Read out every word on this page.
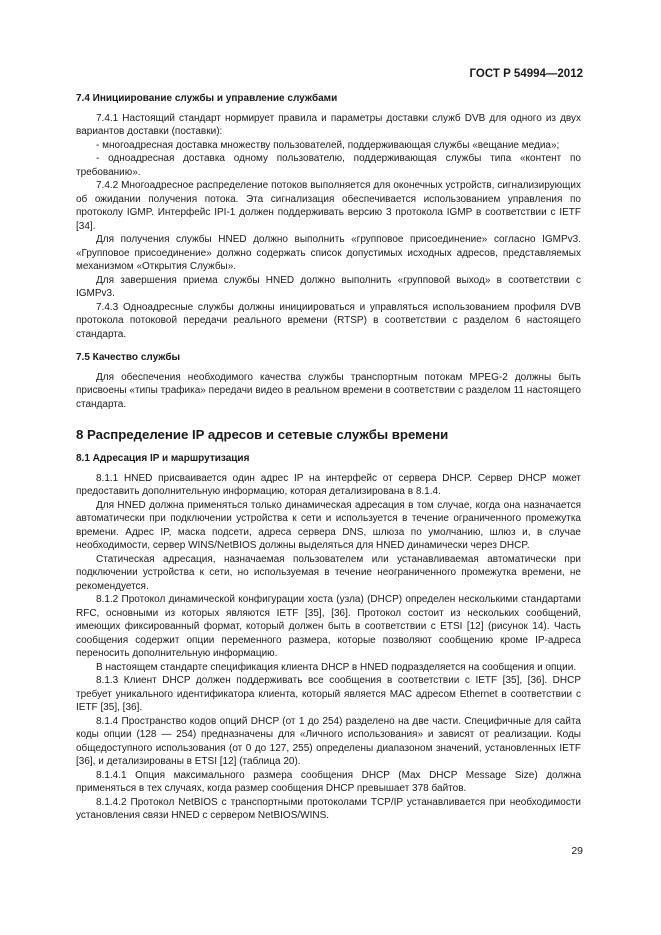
ГОСТ Р 54994—2012
7.4 Инициирование службы и управление службами

7.4.1 Настоящий стандарт нормирует правила и параметры доставки служб DVB для одного из двух вариантов доставки (поставки):

- многоадресная доставка множеству пользователей, поддерживающая службы «вещание медиа»;

- одноадресная доставка одному пользователю, поддерживающая службы типа «контент по требованию».

7.4.2 Многоадресное распределение потоков выполняется для оконечных устройств, сигнализирующих об ожидании получения потока. Эта сигнализация обеспечивается использованием управления по протоколу IGMP. Интерфейс IPI-1 должен поддерживать версию 3 протокола IGMP в соответствии с IETF [34].

Для получения службы HNED должно выполнить «групповое присоединение» согласно IGMPv3. «Групповое присоединение» должно содержать список допустимых исходных адресов, представляемых механизмом «Открытия Службы».

Для завершения приема службы HNED должно выполнить «групповой выход» в соответствии с IGMPv3.

7.4.3 Одноадресные службы должны инициироваться и управляться использованием профиля DVB протокола потоковой передачи реального времени (RTSP) в соответствии с разделом 6 настоящего стандарта.

7.5 Качество службы

Для обеспечения необходимого качества службы транспортным потокам MPEG-2 должны быть присвоены «типы трафика» передачи видео в реальном времени в соответствии с разделом 11 настоящего стандарта.

8 Распределение IP адресов и сетевые службы времени
8.1 Адресация IP и маршрутизация

8.1.1 HNED присваивается один адрес IP на интерфейс от сервера DHCP. Сервер DHCP может предоставить дополнительную информацию, которая детализирована в 8.1.4.

Для HNED должна применяться только динамическая адресация в том случае, когда она назначается автоматически при подключении устройства к сети и используется в течение ограниченного промежутка времени. Адрес IP, маска подсети, адреса сервера DNS, шлюза по умолчанию, шлюз и, в случае необходимости, сервер WINS/NetBIOS должны выделяться для HNED динамически через DHCP.

Статическая адресация, назначаемая пользователем или устанавливаемая автоматически при подключении устройства к сети, но используемая в течение неограниченного промежутка времени, не рекомендуется.

8.1.2 Протокол динамической конфигурации хоста (узла) (DHCP) определен несколькими стандартами RFC, основными из которых являются IETF [35], [36]. Протокол состоит из нескольких сообщений, имеющих фиксированный формат, который должен быть в соответствии с ETSI [12] (рисунок 14). Часть сообщения содержит опции переменного размера, которые позволяют сообщению кроме IP-адреса переносить дополнительную информацию.

В настоящем стандарте спецификация клиента DHCP в HNED подразделяется на сообщения и опции.

8.1.3 Клиент DHCP должен поддерживать все сообщения в соответствии с IETF [35], [36]. DHCP требует уникального идентификатора клиента, который является MAC адресом Ethernet в соответствии с IETF [35], [36].

8.1.4 Пространство кодов опций DHCP (от 1 до 254) разделено на две части. Специфичные для сайта коды опции (128 — 254) предназначены для «Личного использования» и зависят от реализации. Коды общедоступного использования (от 0 до 127, 255) определены диапазоном значений, установленных IETF [36], и детализированы в ETSI [12] (таблица 20).

8.1.4.1 Опция максимального размера сообщения DHCP (Max DHCP Message Size) должна применяться в тех случаях, когда размер сообщения DHCP превышает 378 байтов.

8.1.4.2 Протокол NetBIOS с транспортными протоколами TCP/IP устанавливается при необходимости установления связи HNED с сервером NetBIOS/WINS.

29
